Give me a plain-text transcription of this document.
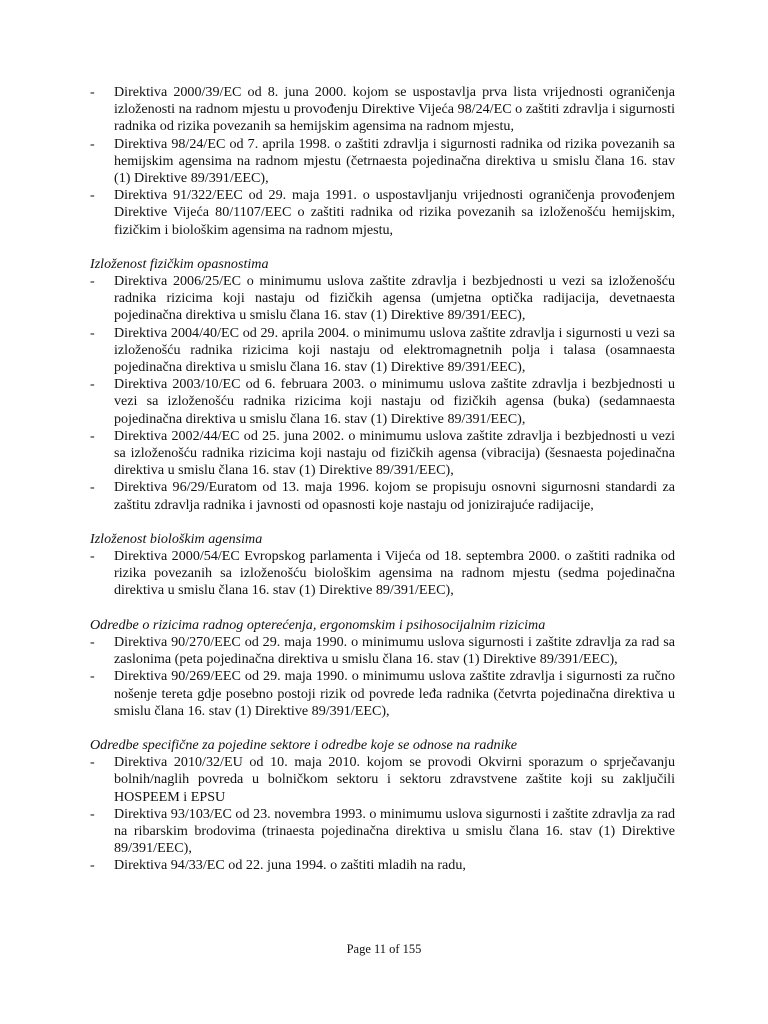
- Direktiva 2000/39/EC od 8. juna 2000. kojom se uspostavlja prva lista vrijednosti ograničenja izloženosti na radnom mjestu u provođenju Direktive Vijeća 98/24/EC o zaštiti zdravlja i sigurnosti radnika od rizika povezanih sa hemijskim agensima na radnom mjestu,
- Direktiva 98/24/EC od 7. aprila 1998. o zaštiti zdravlja i sigurnosti radnika od rizika povezanih sa hemijskim agensima na radnom mjestu (četrnaesta pojedinačna direktiva u smislu člana 16. stav (1) Direktive 89/391/EEC),
- Direktiva 91/322/EEC od 29. maja 1991. o uspostavljanju vrijednosti ograničenja provođenjem Direktive Vijeća 80/1107/EEC o zaštiti radnika od rizika povezanih sa izloženošću hemijskim, fizičkim i biološkim agensima na radnom mjestu,
Izloženost fizičkim opasnostima
- Direktiva 2006/25/EC o minimumu uslova zaštite zdravlja i bezbjednosti u vezi sa izloženošću radnika rizicima koji nastaju od fizičkih agensa (umjetna optička radijacija, devetnaesta pojedinačna direktiva u smislu člana 16. stav (1) Direktive 89/391/EEC),
- Direktiva 2004/40/EC od 29. aprila 2004. o minimumu uslova zaštite zdravlja i sigurnosti u vezi sa izloženošću radnika rizicima koji nastaju od elektromagnetnih polja i talasa (osamnaesta pojedinačna direktiva u smislu člana 16. stav (1) Direktive 89/391/EEC),
- Direktiva 2003/10/EC od 6. februara 2003. o minimumu uslova zaštite zdravlja i bezbjednosti u vezi sa izloženošću radnika rizicima koji nastaju od fizičkih agensa (buka) (sedamnaesta pojedinačna direktiva u smislu člana 16. stav (1) Direktive 89/391/EEC),
- Direktiva 2002/44/EC od 25. juna 2002. o minimumu uslova zaštite zdravlja i bezbjednosti u vezi sa izloženošću radnika rizicima koji nastaju od fizičkih agensa (vibracija) (šesnaesta pojedinačna direktiva u smislu člana 16. stav (1) Direktive 89/391/EEC),
- Direktiva 96/29/Euratom od 13. maja 1996. kojom se propisuju osnovni sigurnosni standardi za zaštitu zdravlja radnika i javnosti od opasnosti koje nastaju od jonizirajuće radijacije,
Izloženost biološkim agensima
- Direktiva 2000/54/EC Evropskog parlamenta i Vijeća od 18. septembra 2000. o zaštiti radnika od rizika povezanih sa izloženošću biološkim agensima na radnom mjestu (sedma pojedinačna direktiva u smislu člana 16. stav (1) Direktive 89/391/EEC),
Odredbe o rizicima radnog opterećenja, ergonomskim i psihosocijalnim rizicima
- Direktiva 90/270/EEC od 29. maja 1990. o minimumu uslova sigurnosti i zaštite zdravlja za rad sa zaslonima (peta pojedinačna direktiva u smislu člana 16. stav (1) Direktive 89/391/EEC),
- Direktiva 90/269/EEC od 29. maja 1990. o minimumu uslova zaštite zdravlja i sigurnosti za ručno nošenje tereta gdje posebno postoji rizik od povrede leđa radnika (četvrta pojedinačna direktiva u smislu člana 16. stav (1) Direktive 89/391/EEC),
Odredbe specifične za pojedine sektore i odredbe koje se odnose na radnike
- Direktiva 2010/32/EU od 10. maja 2010. kojom se provodi Okvirni sporazum o sprječavanju bolnih/naglih povreda u bolničkom sektoru i sektoru zdravstvene zaštite koji su zaključili HOSPEEM i EPSU
- Direktiva 93/103/EC od 23. novembra 1993. o minimumu uslova sigurnosti i zaštite zdravlja za rad na ribarskim brodovima (trinaesta pojedinačna direktiva u smislu člana 16. stav (1) Direktive 89/391/EEC),
- Direktiva 94/33/EC od 22. juna 1994. o zaštiti mladih na radu,
Page 11 of 155
